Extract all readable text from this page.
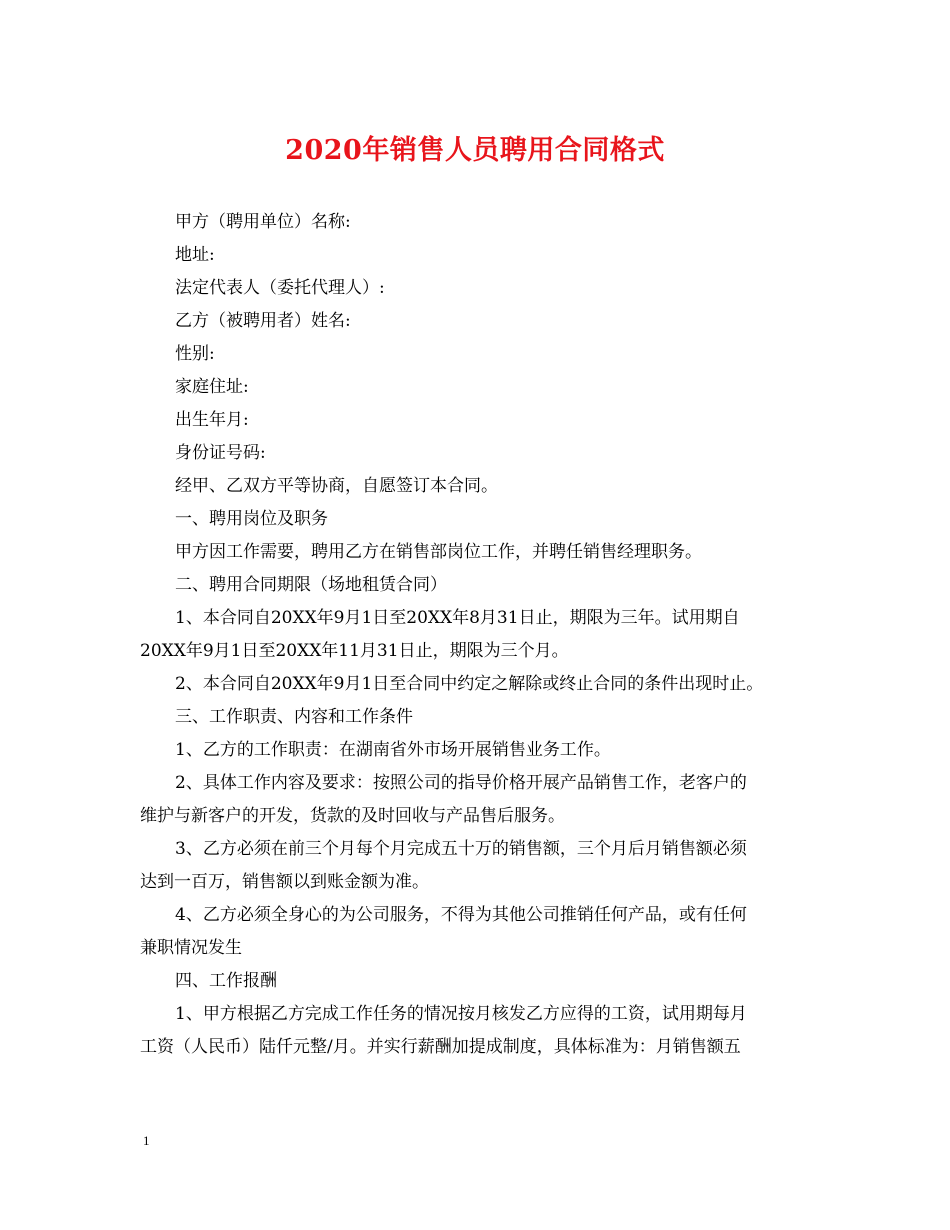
2020年销售人员聘用合同格式

甲方（聘用单位）名称:

地址:

法定代表人（委托代理人）:

乙方（被聘用者）姓名:

性别:

家庭住址:

出生年月:

身份证号码:

经甲、乙双方平等协商，自愿签订本合同。

一、聘用岗位及职务

甲方因工作需要，聘用乙方在销售部岗位工作，并聘任销售经理职务。

二、聘用合同期限（场地租赁合同）

1、本合同自20XX年9月1日至20XX年8月31日止，期限为三年。试用期自

20XX年9月1日至20XX年11月31日止，期限为三个月。

2、本合同自20XX年9月1日至合同中约定之解除或终止合同的条件出现时止。

三、工作职责、内容和工作条件

1、乙方的工作职责：在湖南省外市场开展销售业务工作。

2、具体工作内容及要求：按照公司的指导价格开展产品销售工作，老客户的

维护与新客户的开发，货款的及时回收与产品售后服务。

3、乙方必须在前三个月每个月完成五十万的销售额，三个月后月销售额必须

达到一百万，销售额以到账金额为准。

4、乙方必须全身心的为公司服务，不得为其他公司推销任何产品，或有任何

兼职情况发生

四、工作报酬

1、甲方根据乙方完成工作任务的情况按月核发乙方应得的工资，试用期每月

工资（人民币）陆仟元整/月。并实行薪酬加提成制度，具体标准为：月销售额五

1
